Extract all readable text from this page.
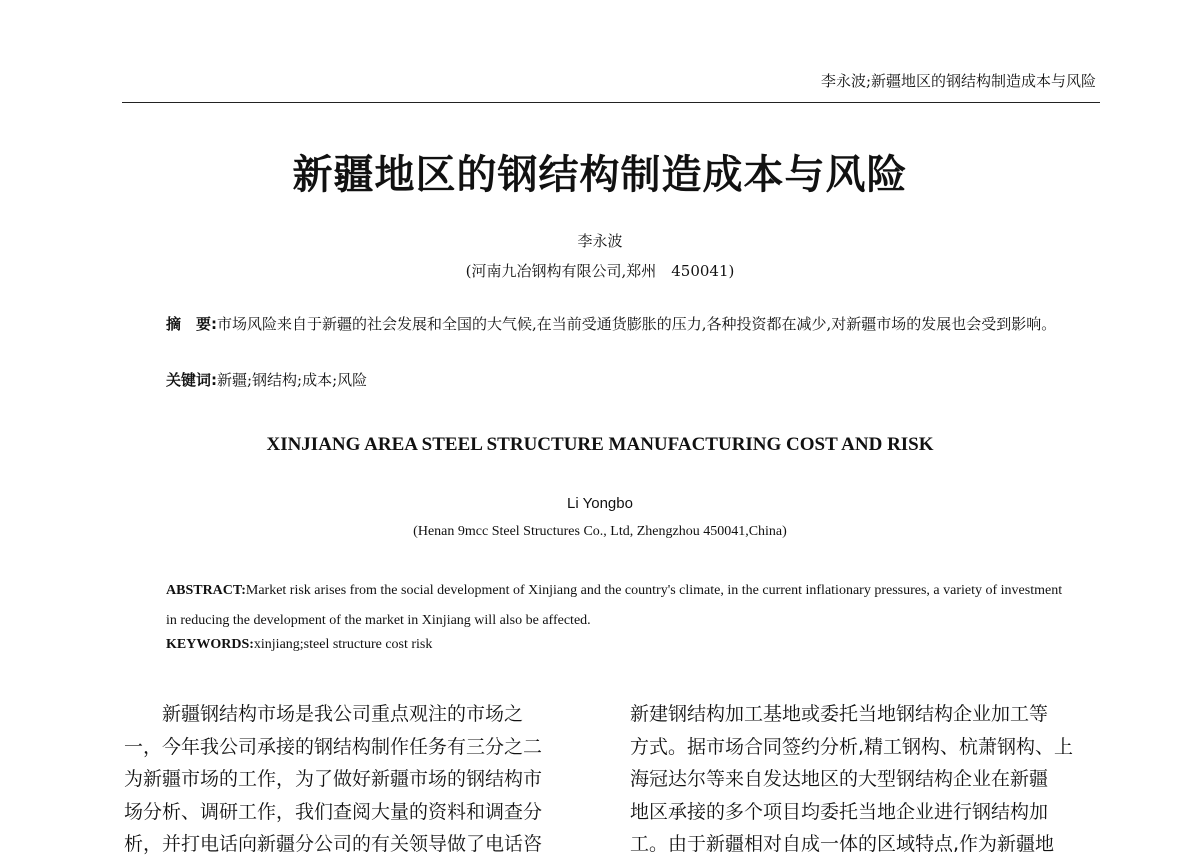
李永波;新疆地区的钢结构制造成本与风险
新疆地区的钢结构制造成本与风险
李永波
(河南九冶钢构有限公司,郑州　450041)
摘　要:市场风险来自于新疆的社会发展和全国的大气候,在当前受通货膨胀的压力,各种投资都在减少,对新疆市场的发展也会受到影响。
关键词:新疆;钢结构;成本;风险
XINJIANG AREA STEEL STRUCTURE MANUFACTURING COST AND RISK
Li Yongbo
(Henan 9mcc Steel Structures Co., Ltd, Zhengzhou 450041,China)
ABSTRACT:Market risk arises from the social development of Xinjiang and the country's climate, in the current inflationary pressures, a variety of investment in reducing the development of the market in Xinjiang will also be affected.
KEYWORDS:xinjiang;steel structure cost risk
新疆钢结构市场是我公司重点观注的市场之
一，今年我公司承接的钢结构制作任务有三分之二
为新疆市场的工作，为了做好新疆市场的钢结构市
场分析、调研工作，我们查阅大量的资料和调查分
析，并打电话向新疆分公司的有关领导做了电话咨
新建钢结构加工基地或委托当地钢结构企业加工等
方式。据市场合同签约分析,精工钢构、杭萧钢构、上
海冠达尔等来自发达地区的大型钢结构企业在新疆
地区承接的多个项目均委托当地企业进行钢结构加
工。由于新疆相对自成一体的区域特点,作为新疆地
